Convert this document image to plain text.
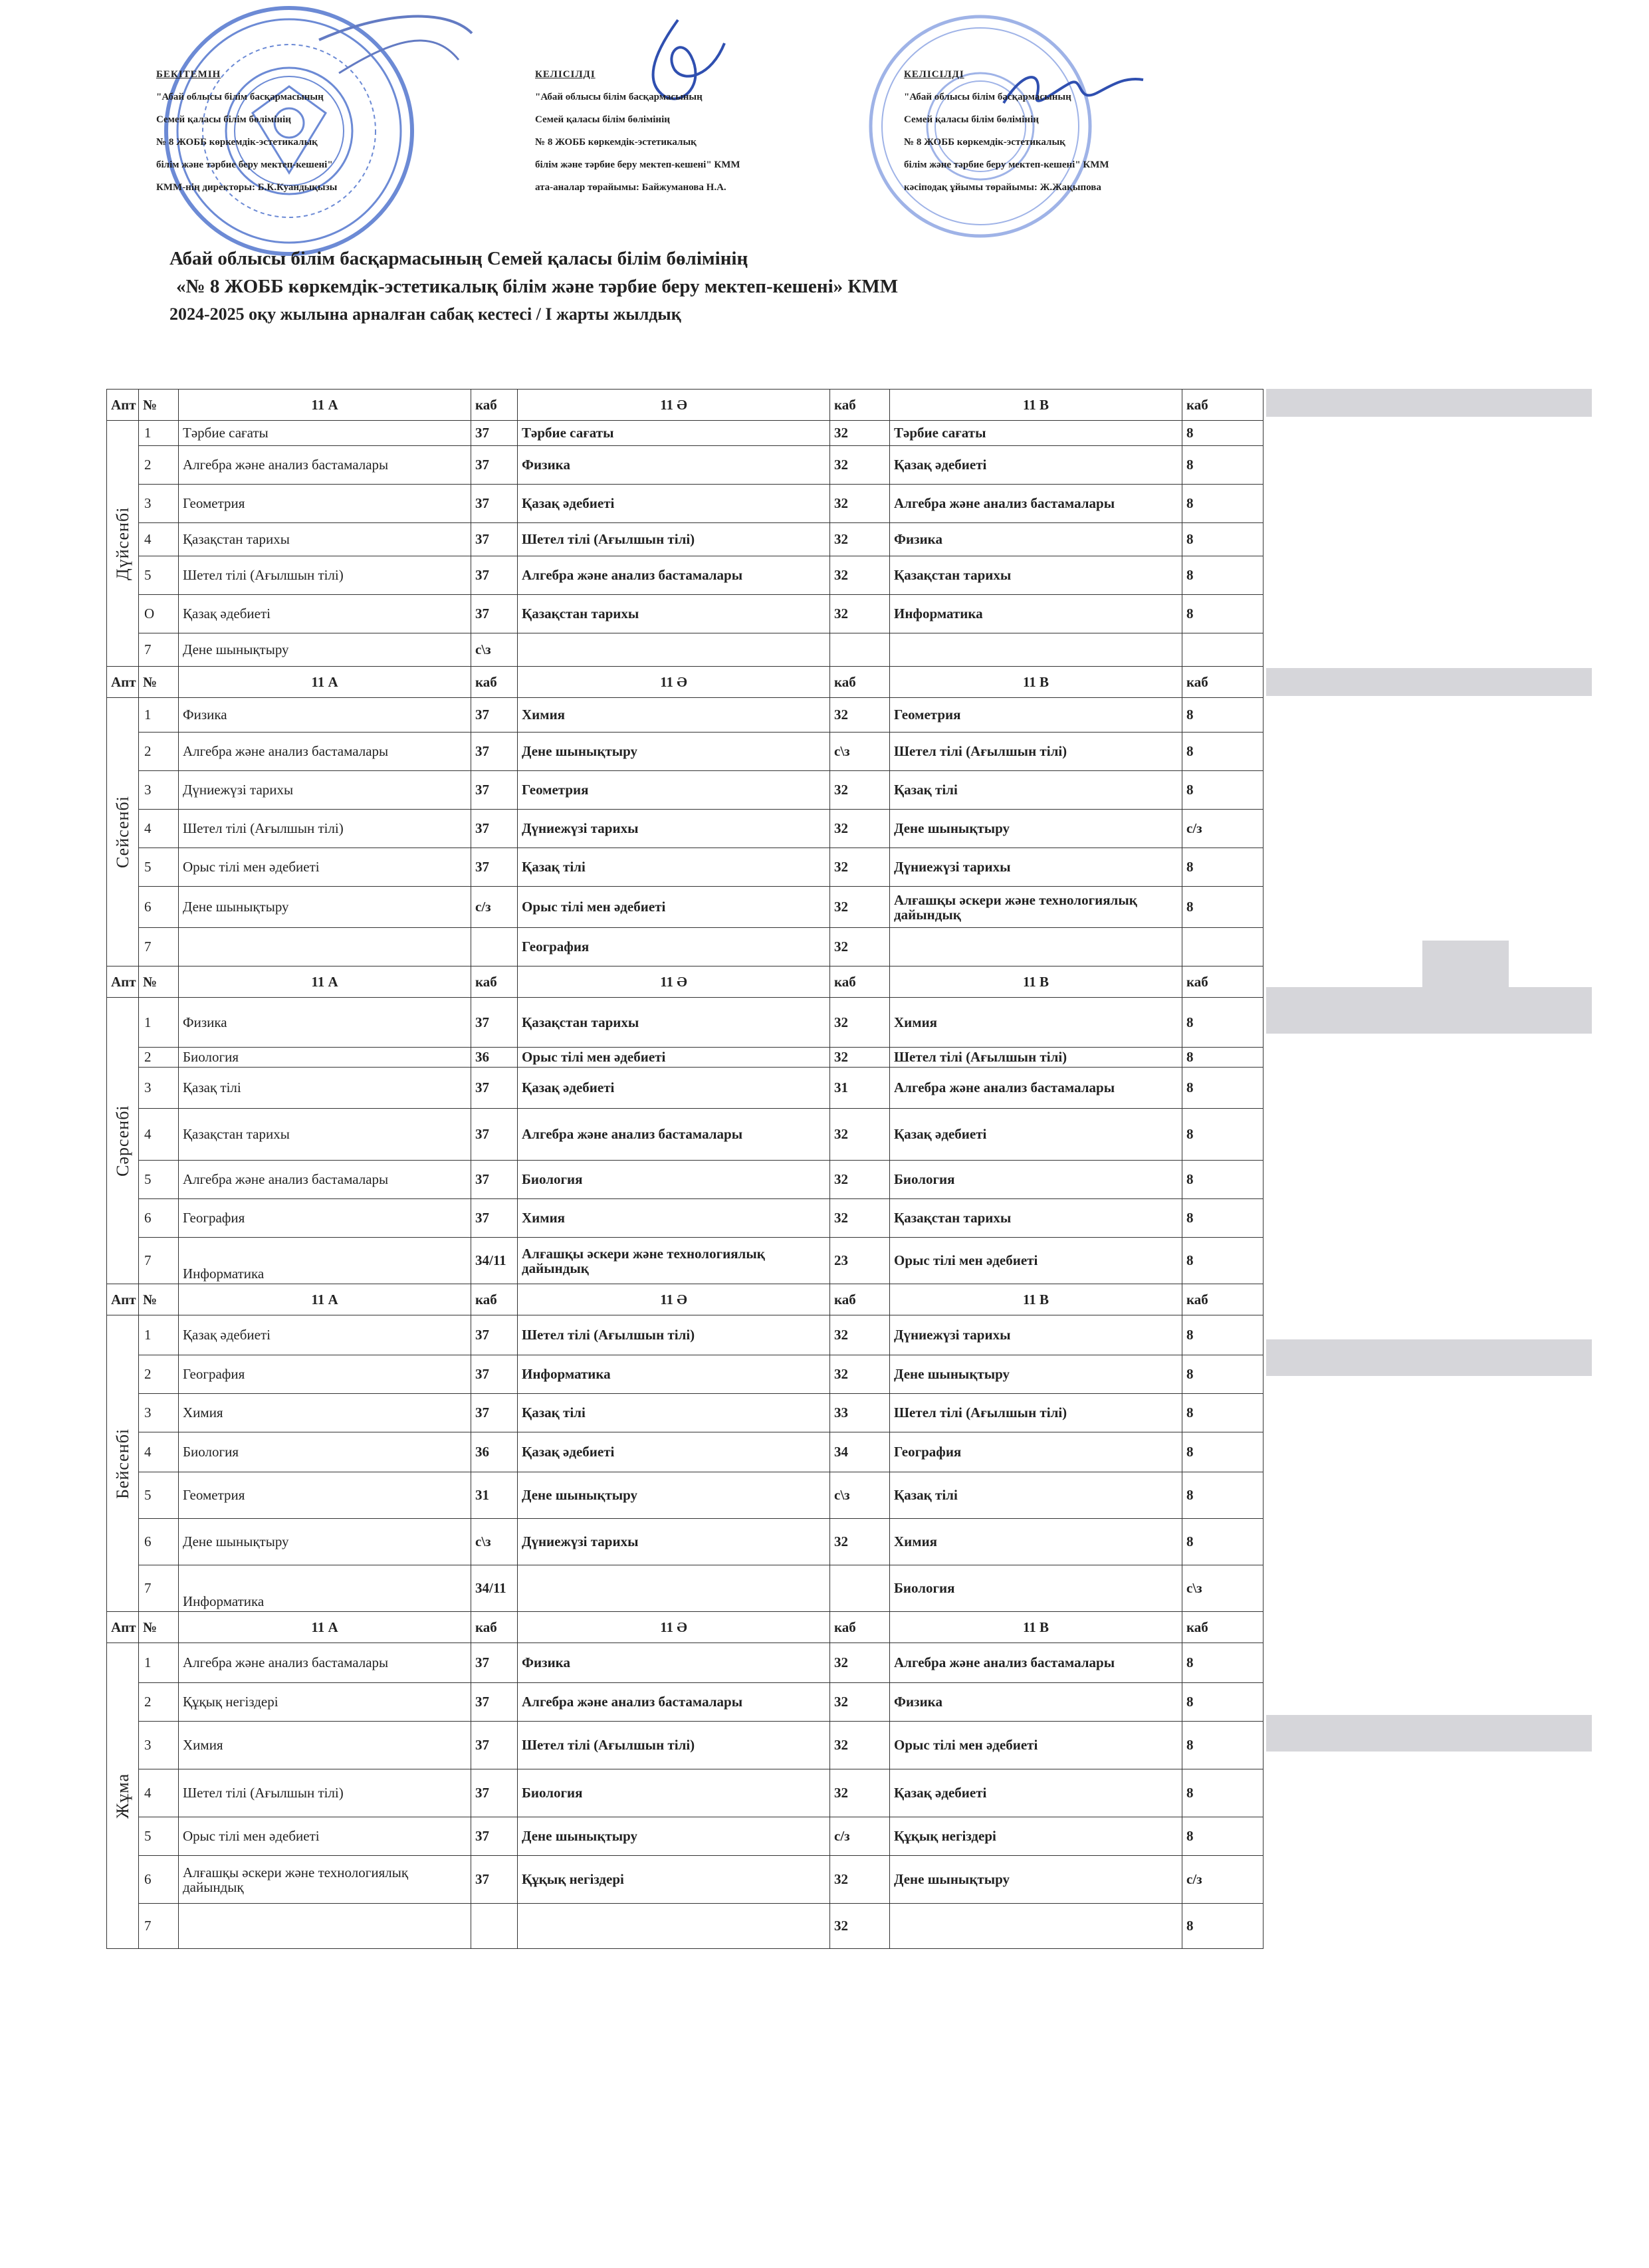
БЕКІТЕМІН
"Абай облысы білім басқармасының
Семей қаласы білім бөлімінің
№ 8 ЖОББ көркемдік-эстетикалық
білім және тәрбие беру мектеп-кешені"
КММ-нің директоры: Б.К.Куандықызы
КЕЛІСІЛДІ
"Абай облысы білім басқармасының
Семей қаласы білім бөлімінің
№ 8 ЖОББ көркемдік-эстетикалық
білім және тәрбие беру мектеп-кешені" КММ
ата-аналар төрайымы: Байжуманова Н.А.
КЕЛІСІЛДІ
"Абай облысы білім басқармасының
Семей қаласы білім бөлімінің
№ 8 ЖОББ көркемдік-эстетикалық
білім және тәрбие беру мектеп-кешені" КММ
кәсіподақ ұйымы төрайымы: Ж.Жақыпова
Абай облысы білім басқармасының Семей қаласы білім бөлімінің
«№ 8 ЖОББ көркемдік-эстетикалық білім және тәрбие беру мектеп-кешені» КММ
2024-2025 оқу жылына арналған сабақ кестесі / І жарты жылдық
Апт	№	11 А	каб	11 Ә	каб	11 В	каб
Дүйсенбі	1	Тәрбие сағаты	37	Тәрбие сағаты	32	Тәрбие сағаты	8
	2	Алгебра және анализ бастамалары	37	Физика	32	Қазақ әдебиеті	8
	3	Геометрия	37	Қазақ әдебиеті	32	Алгебра және анализ бастамалары	8
	4	Қазақстан тарихы	37	Шетел тілі (Ағылшын тілі)	32	Физика	8
	5	Шетел тілі (Ағылшын тілі)	37	Алгебра және анализ бастамалары	32	Қазақстан тарихы	8
	О	Қазақ әдебиеті	37	Қазақстан тарихы	32	Информатика	8
	7	Дене шынықтыру	с\з				
Апт	№	11 А	каб	11 Ә	каб	11 В	каб
Сейсенбі	1	Физика	37	Химия	32	Геометрия	8
	2	Алгебра және анализ бастамалары	37	Дене шынықтыру	с\з	Шетел тілі (Ағылшын тілі)	8
	3	Дүниежүзі тарихы	37	Геометрия	32	Қазақ тілі	8
	4	Шетел тілі (Ағылшын тілі)	37	Дүниежүзі тарихы	32	Дене шынықтыру	с/з
	5	Орыс тілі мен әдебиеті	37	Қазақ тілі	32	Дүниежүзі тарихы	8
	6	Дене шынықтыру	с/з	Орыс тілі мен әдебиеті	32	Алғашқы әскери және технологиялық дайындық	8
	7			География	32		
Апт	№	11 А	каб	11 Ә	каб	11 В	каб
Сәрсенбі	1	Физика	37	Қазақстан тарихы	32	Химия	8
	2	Биология	36	Орыс тілі мен әдебиеті	32	Шетел тілі (Ағылшын тілі)	8
	3	Қазақ тілі	37	Қазақ әдебиеті	31	Алгебра және анализ бастамалары	8
	4	Қазақстан тарихы	37	Алгебра және анализ бастамалары	32	Қазақ әдебиеті	8
	5	Алгебра және анализ бастамалары	37	Биология	32	Биология	8
	6	География	37	Химия	32	Қазақстан тарихы	8
	7	Информатика	34/11	Алғашқы әскери және технологиялық дайындық	23	Орыс тілі мен әдебиеті	8
Апт	№	11 А	каб	11 Ә	каб	11 В	каб
Бейсенбі	1	Қазақ әдебиеті	37	Шетел тілі (Ағылшын тілі)	32	Дүниежүзі тарихы	8
	2	География	37	Информатика	32	Дене шынықтыру	8
	3	Химия	37	Қазақ тілі	33	Шетел тілі (Ағылшын тілі)	8
	4	Биология	36	Қазақ әдебиеті	34	География	8
	5	Геометрия	31	Дене шынықтыру	с\з	Қазақ тілі	8
	6	Дене шынықтыру	с\з	Дүниежүзі тарихы	32	Химия	8
	7	Информатика	34/11			Биология	с\з
Апт	№	11 А	каб	11 Ә	каб	11 В	каб
Жұма	1	Алгебра және анализ бастамалары	37	Физика	32	Алгебра және анализ бастамалары	8
	2	Құқық негіздері	37	Алгебра және анализ бастамалары	32	Физика	8
	3	Химия	37	Шетел тілі (Ағылшын тілі)	32	Орыс тілі мен әдебиеті	8
	4	Шетел тілі (Ағылшын тілі)	37	Биология	32	Қазақ әдебиеті	8
	5	Орыс тілі мен әдебиеті	37	Дене шынықтыру	с/з	Құқық негіздері	8
	6	Алғашқы әскери және технологиялық дайындық	37	Құқық негіздері	32	Дене шынықтыру	с/з
	7				32		8
